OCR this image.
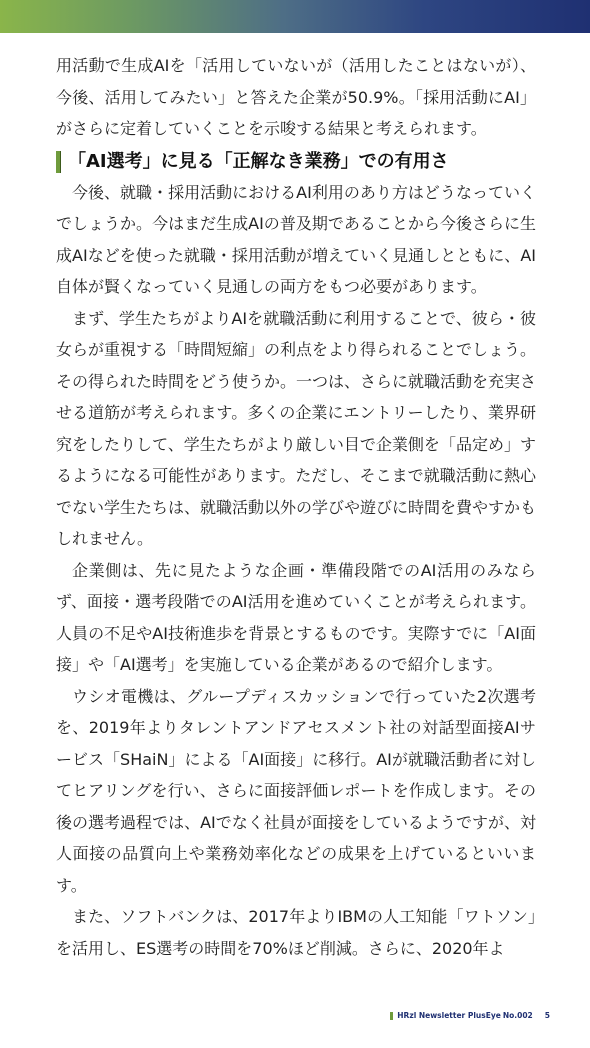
用活動で生成AIを「活用していないが（活用したことはないが）、今後、活用してみたい」と答えた企業が50.9%。「採用活動にAI」がさらに定着していくことを示唆する結果と考えられます。

「AI選考」に見る「正解なき業務」での有用さ

今後、就職・採用活動におけるAI利用のあり方はどうなっていくでしょうか。今はまだ生成AIの普及期であることから今後さらに生成AIなどを使った就職・採用活動が増えていく見通しとともに、AI自体が賢くなっていく見通しの両方をもつ必要があります。

まず、学生たちがよりAIを就職活動に利用することで、彼ら・彼女らが重視する「時間短縮」の利点をより得られることでしょう。その得られた時間をどう使うか。一つは、さらに就職活動を充実させる道筋が考えられます。多くの企業にエントリーしたり、業界研究をしたりして、学生たちがより厳しい目で企業側を「品定め」するようになる可能性があります。ただし、そこまで就職活動に熱心でない学生たちは、就職活動以外の学びや遊びに時間を費やすかもしれません。

企業側は、先に見たような企画・準備段階でのAI活用のみならず、面接・選考段階でのAI活用を進めていくことが考えられます。人員の不足やAI技術進歩を背景とするものです。実際すでに「AI面接」や「AI選考」を実施している企業があるので紹介します。

ウシオ電機は、グループディスカッションで行っていた2次選考を、2019年よりタレントアンドアセスメント社の対話型面接AIサービス「SHaiN」による「AI面接」に移行。AIが就職活動者に対してヒアリングを行い、さらに面接評価レポートを作成します。その後の選考過程では、AIでなく社員が面接をしているようですが、対人面接の品質向上や業務効率化などの成果を上げているといいます。

また、ソフトバンクは、2017年よりIBMの人工知能「ワトソン」を活用し、ES選考の時間を70%ほど削減。さらに、2020年よ

HRzl Newsletter PlusEye No.002 5
